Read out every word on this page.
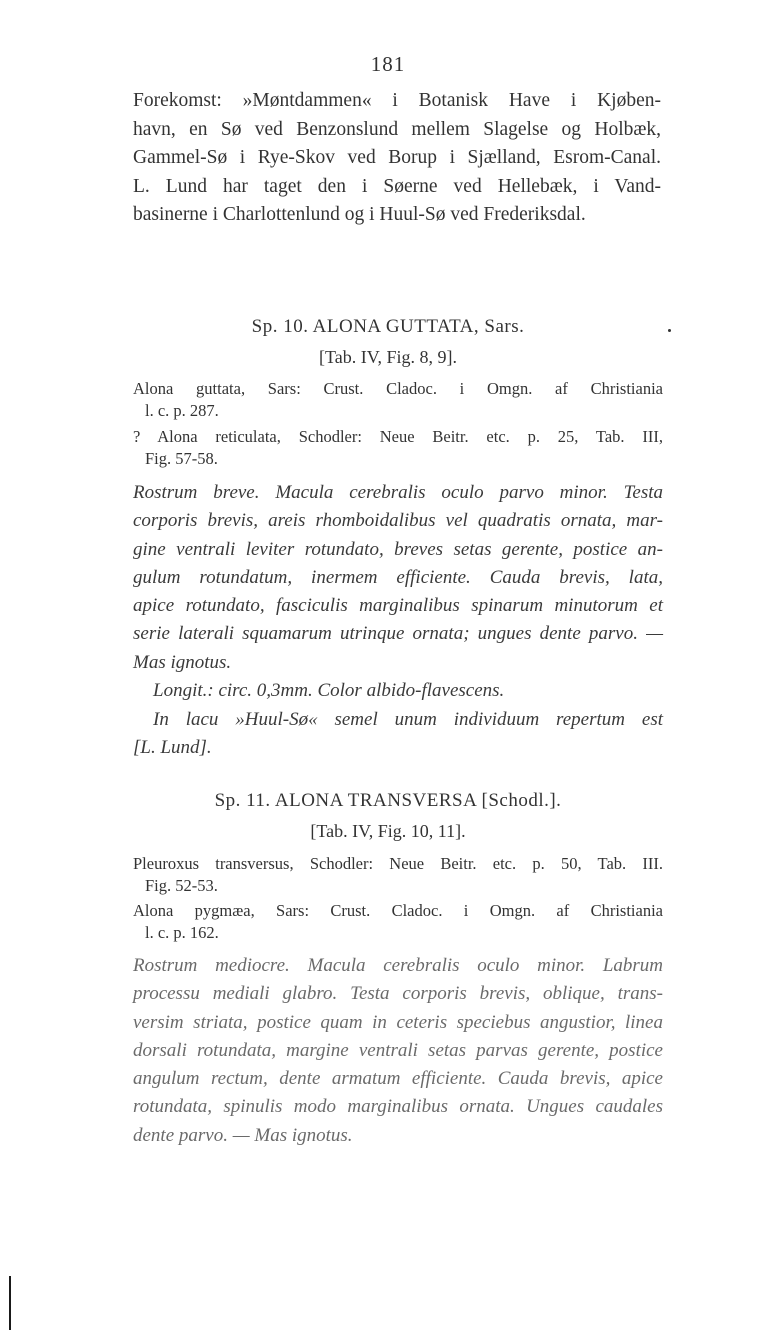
181
Forekomst: »Møntdammen« i Botanisk Have i Kjøben-
havn, en Sø ved Benzonslund mellem Slagelse og Holbæk,
Gammel-Sø i Rye-Skov ved Borup i Sjælland, Esrom-Canal.
L. Lund har taget den i Søerne ved Hellebæk, i Vand-
basinerne i Charlottenlund og i Huul-Sø ved Frederiksdal.
Sp. 10. ALONA GUTTATA, Sars.
[Tab. IV, Fig. 8, 9].
Alona guttata, Sars: Crust. Cladoc. i Omgn. af Christiania
l. c. p. 287.
? Alona reticulata, Schodler: Neue Beitr. etc. p. 25, Tab. III,
Fig. 57-58.
Rostrum breve. Macula cerebralis oculo parvo minor. Testa
corporis brevis, areis rhomboidalibus vel quadratis ornata, mar-
gine ventrali leviter rotundato, breves setas gerente, postice an-
gulum rotundatum, inermem efficiente. Cauda brevis, lata,
apice rotundato, fasciculis marginalibus spinarum minutorum et
serie laterali squamarum utrinque ornata; ungues dente parvo. —
Mas ignotus.
Longit.: circ. 0,3mm. Color albido-flavescens.
In lacu »Huul-Sø« semel unum individuum repertum est
[L. Lund].
Sp. 11. ALONA TRANSVERSA [Schodl.].
[Tab. IV, Fig. 10, 11].
Pleuroxus transversus, Schodler: Neue Beitr. etc. p. 50, Tab. III.
Fig. 52-53.
Alona pygmæa, Sars: Crust. Cladoc. i Omgn. af Christiania
l. c. p. 162.
Rostrum mediocre. Macula cerebralis oculo minor. Labrum
processu mediali glabro. Testa corporis brevis, oblique, trans-
versim striata, postice quam in ceteris speciebus angustior, linea
dorsali rotundata, margine ventrali setas parvas gerente, postice
angulum rectum, dente armatum efficiente. Cauda brevis, apice
rotundata, spinulis modo marginalibus ornata. Ungues caudales
dente parvo. — Mas ignotus.
